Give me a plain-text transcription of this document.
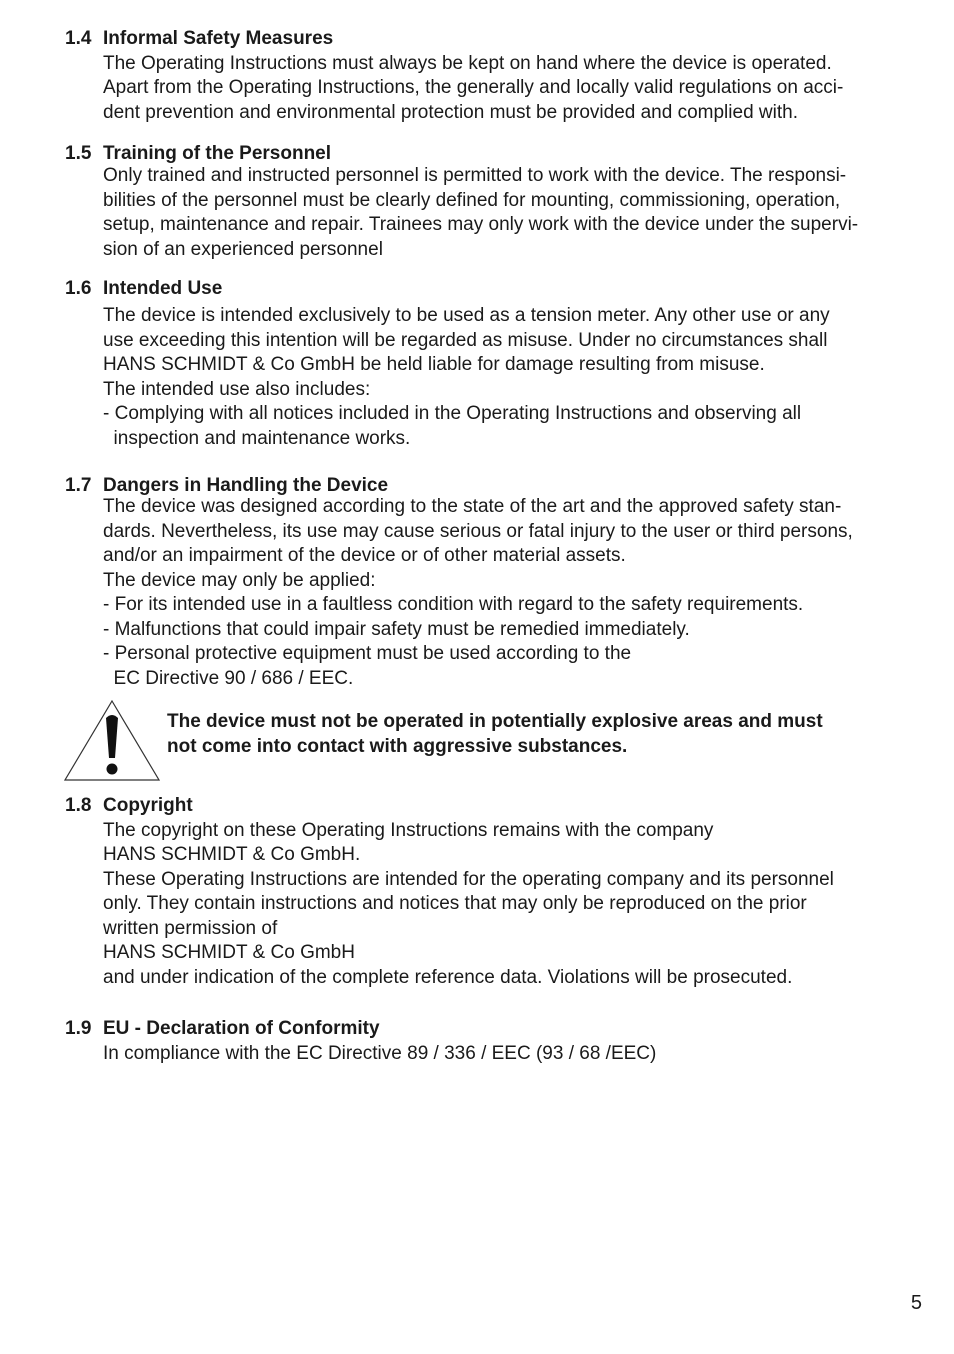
1.4 Informal Safety Measures
The Operating Instructions must always be kept on hand where the device is operated.
Apart from the Operating Instructions, the generally and locally valid regulations on acci-
dent prevention and environmental protection must be provided and complied with.
1.5 Training of the Personnel
Only trained and instructed personnel is permitted to work with the device. The responsi-
bilities of the personnel must be clearly defined for mounting, commissioning, operation,
setup, maintenance and repair. Trainees may only work with the device under the supervi-
sion of an experienced personnel
1.6 Intended Use
The device is intended exclusively to be used as a tension meter. Any other use or any
use exceeding this intention will be regarded as misuse. Under no circumstances shall
HANS SCHMIDT & Co GmbH be held liable for damage resulting from misuse.
The intended use also includes:
- Complying with all notices included in the Operating Instructions and observing all
inspection and maintenance works.
1.7 Dangers in Handling the Device
The device was designed according to the state of the art and the approved safety stan-
dards. Nevertheless, its use may cause serious or fatal injury to the user or third persons,
and/or an impairment of the device or of other material assets.
The device may only be applied:
- For its intended use in a faultless condition with regard to the safety requirements.
- Malfunctions that could impair safety must be remedied immediately.
- Personal protective equipment must be used according to the
EC Directive 90 / 686 / EEC.
The device must not be operated in potentially explosive areas and must
not come into contact with aggressive substances.
1.8 Copyright
The copyright on these Operating Instructions remains with the company
HANS SCHMIDT & Co GmbH.
These Operating Instructions are intended for the operating company and its personnel
only. They contain instructions and notices that may only be reproduced on the prior
written permission of
HANS SCHMIDT & Co GmbH
and under indication of the complete reference data. Violations will be prosecuted.
1.9 EU - Declaration of Conformity
In compliance with the EC Directive 89 / 336 / EEC (93 / 68 /EEC)
5
